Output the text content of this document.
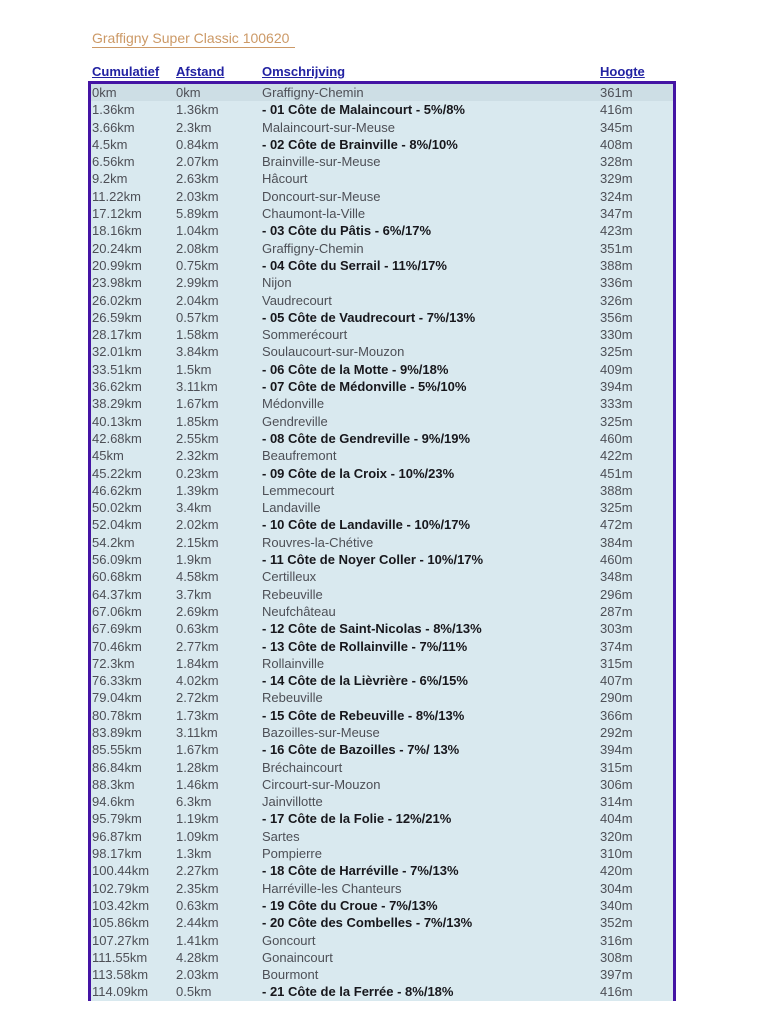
Graffigny Super Classic 100620
Cumulatief	Afstand	Omschrijving	Hoogte
0km	0km	Graffigny-Chemin	361m
1.36km	1.36km	- 01 Côte de Malaincourt - 5%/8%	416m
3.66km	2.3km	Malaincourt-sur-Meuse	345m
4.5km	0.84km	- 02 Côte de Brainville - 8%/10%	408m
6.56km	2.07km	Brainville-sur-Meuse	328m
9.2km	2.63km	Hâcourt	329m
11.22km	2.03km	Doncourt-sur-Meuse	324m
17.12km	5.89km	Chaumont-la-Ville	347m
18.16km	1.04km	- 03 Côte du Pâtis - 6%/17%	423m
20.24km	2.08km	Graffigny-Chemin	351m
20.99km	0.75km	- 04 Côte du Serrail - 11%/17%	388m
23.98km	2.99km	Nijon	336m
26.02km	2.04km	Vaudrecourt	326m
26.59km	0.57km	- 05 Côte de Vaudrecourt - 7%/13%	356m
28.17km	1.58km	Sommerécourt	330m
32.01km	3.84km	Soulaucourt-sur-Mouzon	325m
33.51km	1.5km	- 06 Côte de la Motte - 9%/18%	409m
36.62km	3.11km	- 07 Côte de Médonville - 5%/10%	394m
38.29km	1.67km	Médonville	333m
40.13km	1.85km	Gendreville	325m
42.68km	2.55km	- 08 Côte de Gendreville - 9%/19%	460m
45km	2.32km	Beaufremont	422m
45.22km	0.23km	- 09 Côte de la Croix - 10%/23%	451m
46.62km	1.39km	Lemmecourt	388m
50.02km	3.4km	Landaville	325m
52.04km	2.02km	- 10 Côte de Landaville - 10%/17%	472m
54.2km	2.15km	Rouvres-la-Chétive	384m
56.09km	1.9km	- 11 Côte de Noyer Coller - 10%/17%	460m
60.68km	4.58km	Certilleux	348m
64.37km	3.7km	Rebeuville	296m
67.06km	2.69km	Neufchâteau	287m
67.69km	0.63km	- 12 Côte de Saint-Nicolas - 8%/13%	303m
70.46km	2.77km	- 13 Côte de Rollainville - 7%/11%	374m
72.3km	1.84km	Rollainville	315m
76.33km	4.02km	- 14 Côte de la Lièvrière - 6%/15%	407m
79.04km	2.72km	Rebeuville	290m
80.78km	1.73km	- 15 Côte de Rebeuville - 8%/13%	366m
83.89km	3.11km	Bazoilles-sur-Meuse	292m
85.55km	1.67km	- 16 Côte de Bazoilles - 7%/ 13%	394m
86.84km	1.28km	Bréchaincourt	315m
88.3km	1.46km	Circourt-sur-Mouzon	306m
94.6km	6.3km	Jainvillotte	314m
95.79km	1.19km	- 17 Côte de la Folie - 12%/21%	404m
96.87km	1.09km	Sartes	320m
98.17km	1.3km	Pompierre	310m
100.44km	2.27km	- 18 Côte de Harréville - 7%/13%	420m
102.79km	2.35km	Harréville-les Chanteurs	304m
103.42km	0.63km	- 19 Côte du Croue - 7%/13%	340m
105.86km	2.44km	- 20 Côte des Combelles - 7%/13%	352m
107.27km	1.41km	Goncourt	316m
111.55km	4.28km	Gonaincourt	308m
113.58km	2.03km	Bourmont	397m
114.09km	0.5km	- 21 Côte de la Ferrée - 8%/18%	416m
